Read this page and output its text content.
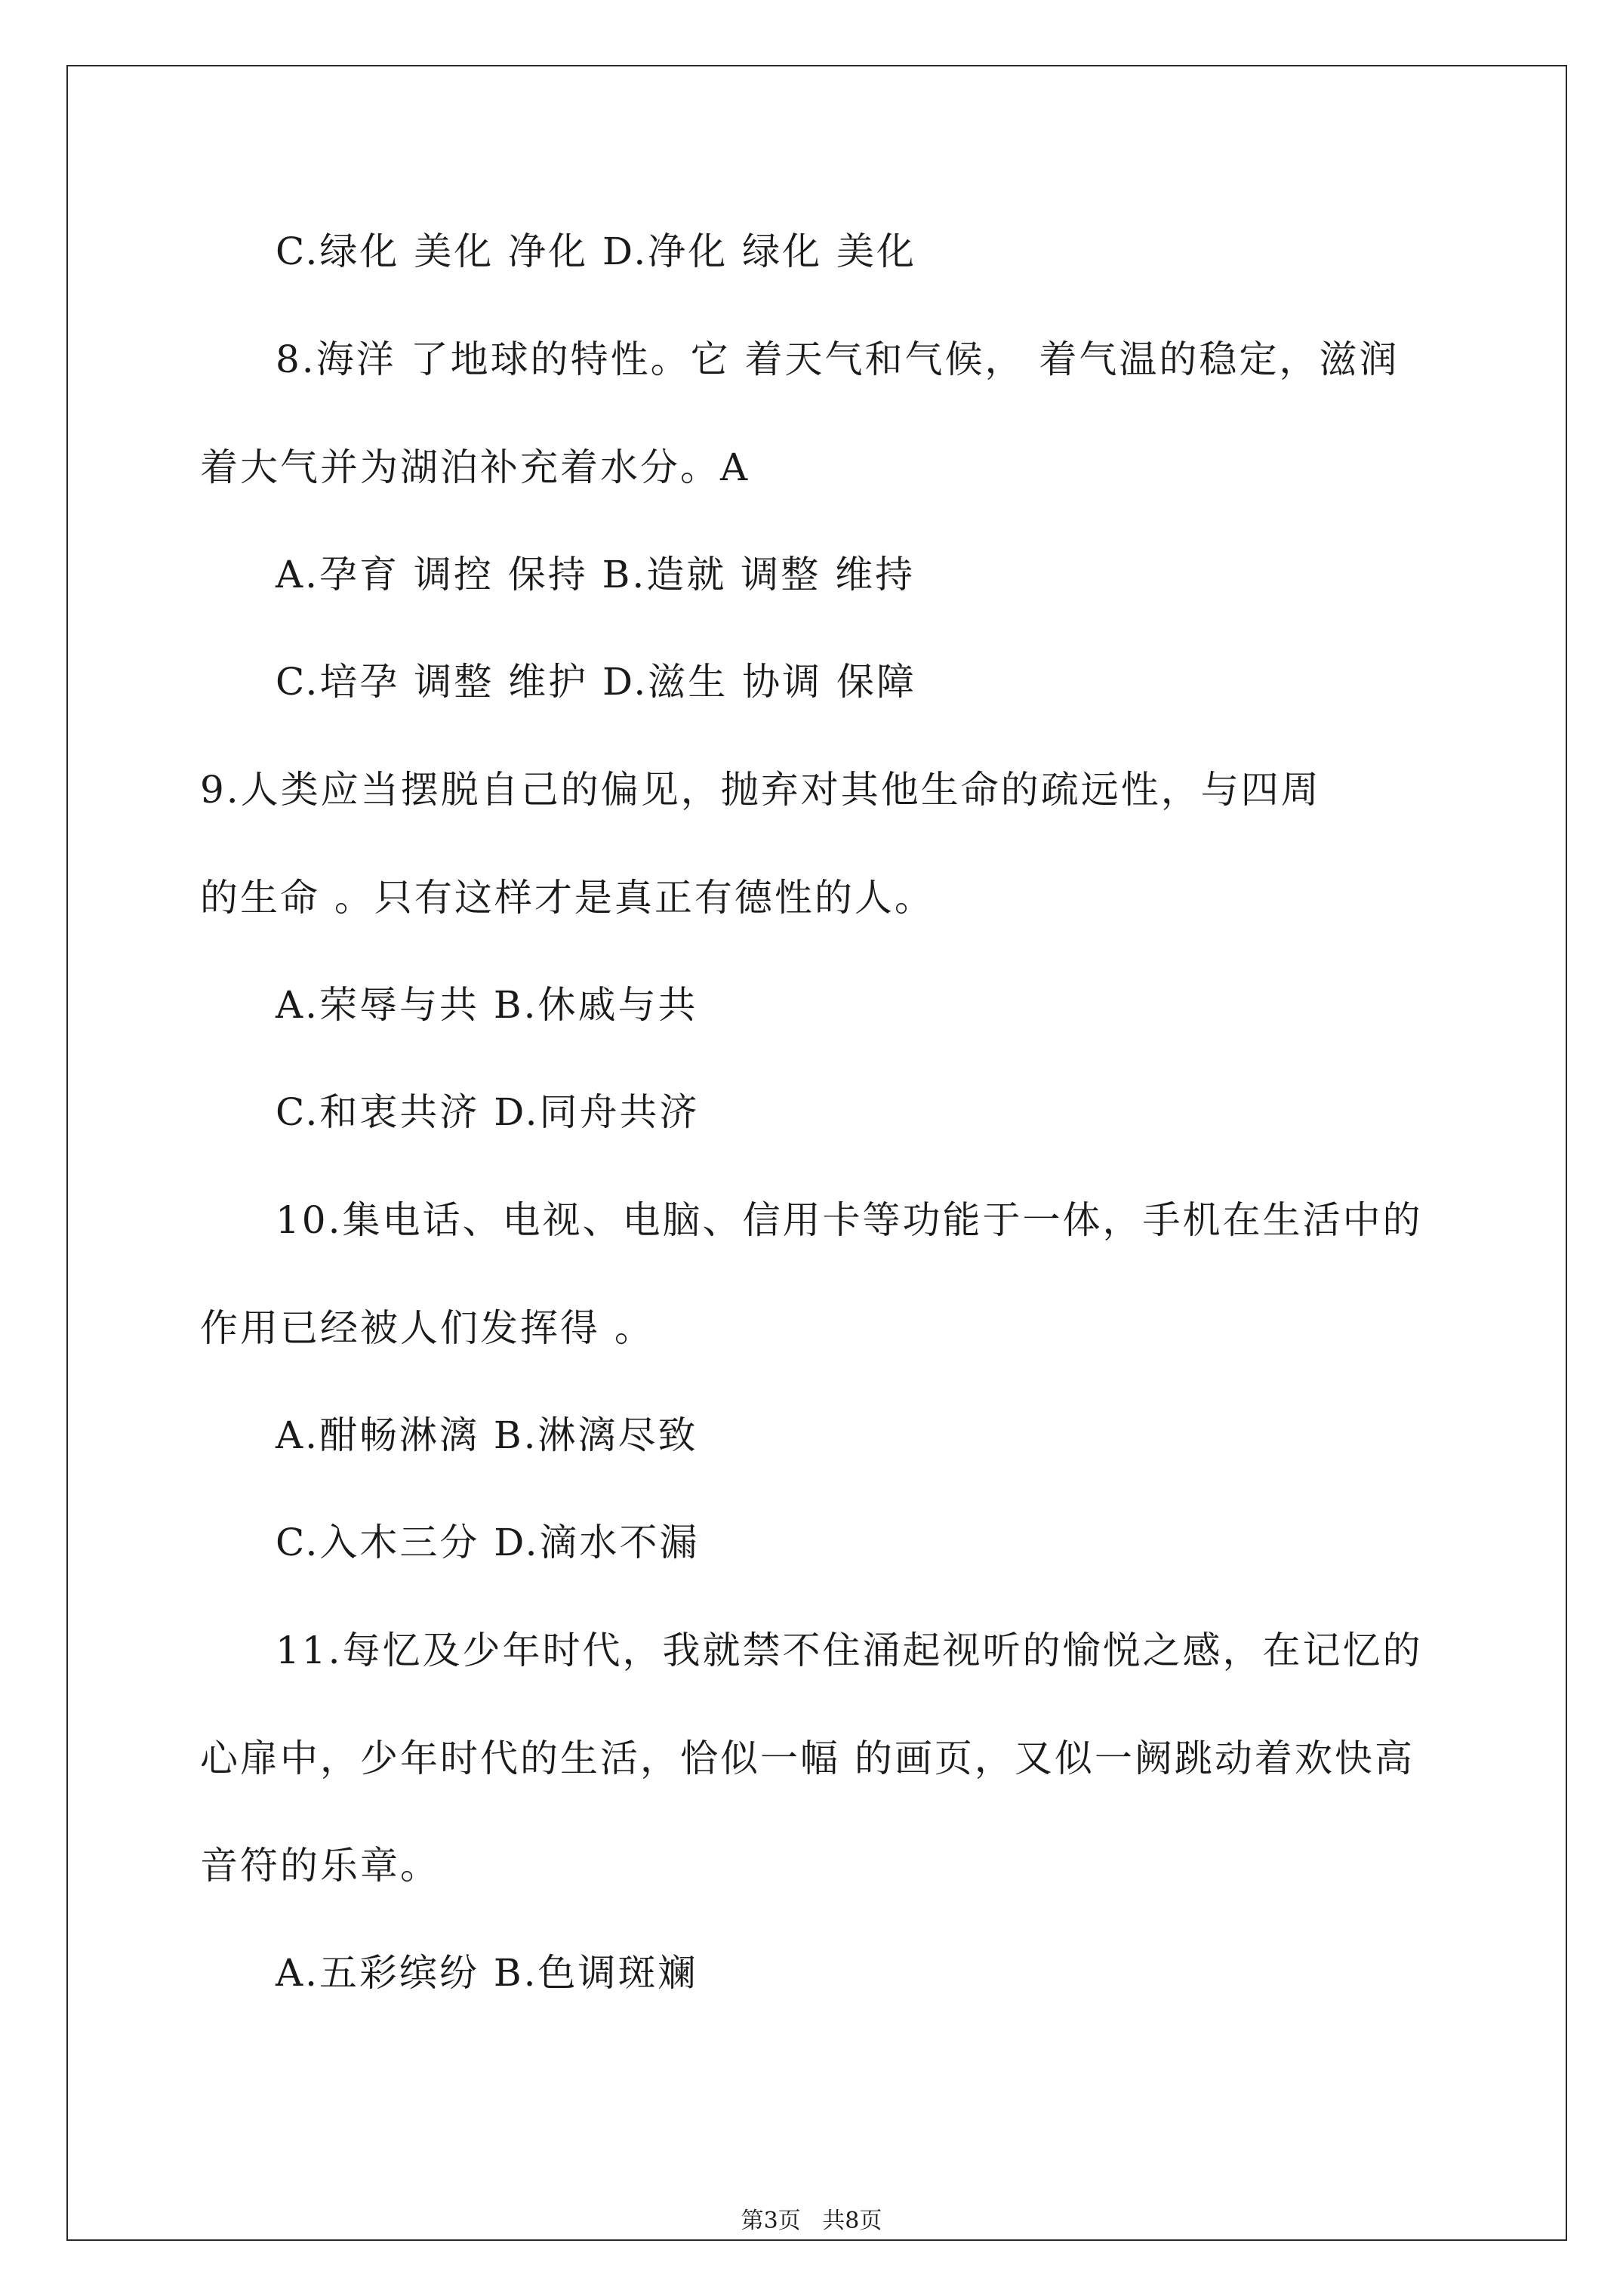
C.绿化 美化 净化 D.净化 绿化 美化
8.海洋 了地球的特性。它 着天气和气候， 着气温的稳定，滋润
着大气并为湖泊补充着水分。A
A.孕育 调控 保持 B.造就 调整 维持
C.培孕 调整 维护 D.滋生 协调 保障
9.人类应当摆脱自己的偏见，抛弃对其他生命的疏远性，与四周
的生命 。只有这样才是真正有德性的人。
A.荣辱与共 B.休戚与共
C.和衷共济 D.同舟共济
10.集电话、电视、电脑、信用卡等功能于一体，手机在生活中的
作用已经被人们发挥得 。
A.酣畅淋漓 B.淋漓尽致
C.入木三分 D.滴水不漏
11.每忆及少年时代，我就禁不住涌起视听的愉悦之感，在记忆的
心扉中，少年时代的生活，恰似一幅 的画页，又似一阙跳动着欢快高
音符的乐章。
A.五彩缤纷 B.色调斑斓
第3页   共8页
